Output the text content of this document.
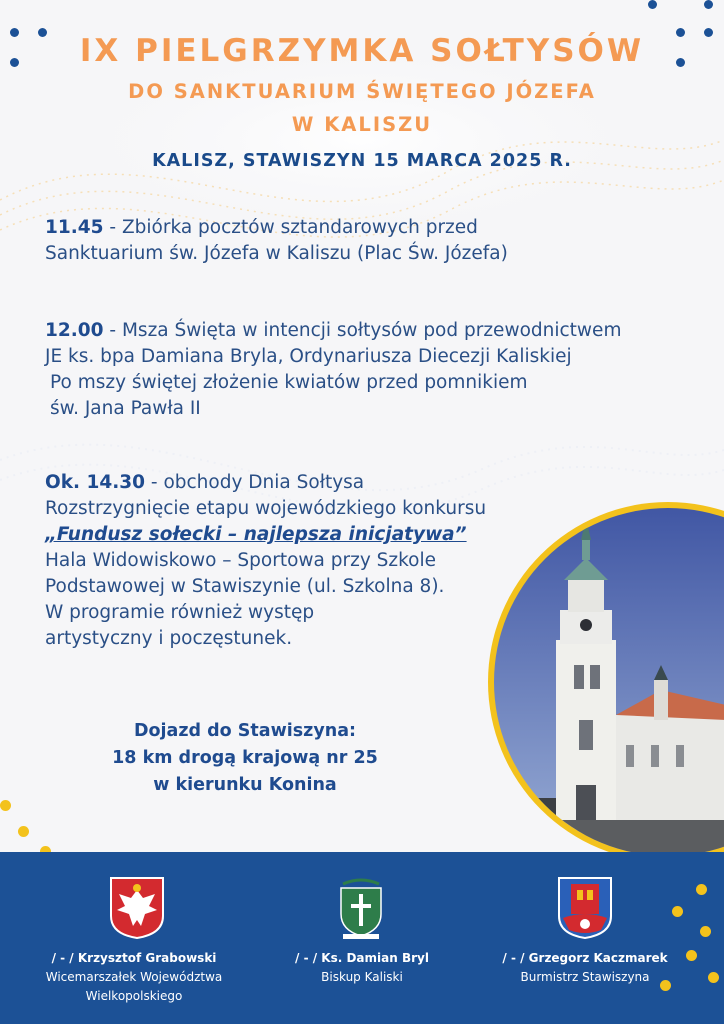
IX PIELGRZYMKA SOŁTYSÓW
DO SANKTUARIUM ŚWIĘTEGO JÓZEFA
W KALISZU
KALISZ, STAWISZYN 15 MARCA 2025 R.
11.45 - Zbiórka pocztów sztandarowych przed
Sanktuarium św. Józefa w Kaliszu (Plac Św. Józefa)
12.00 - Msza Święta w intencji sołtysów pod przewodnictwem
JE ks. bpa Damiana Bryla, Ordynariusza Diecezji Kaliskiej
Po mszy świętej złożenie kwiatów przed pomnikiem
św. Jana Pawła II
Ok. 14.30 - obchody Dnia Sołtysa
Rozstrzygnięcie etapu wojewódzkiego konkursu
„Fundusz sołecki – najlepsza inicjatywa”
Hala Widowiskowo – Sportowa przy Szkole
Podstawowej w Stawiszynie (ul. Szkolna 8).
W programie również występ
artystyczny i poczęstunek.
Dojazd do Stawiszyna:
18 km drogą krajową nr 25
w kierunku Konina
/ - / Krzysztof Grabowski
Wicemarszałek Województwa
Wielkopolskiego
/ - / Ks. Damian Bryl
Biskup Kaliski
/ - / Grzegorz Kaczmarek
Burmistrz Stawiszyna
